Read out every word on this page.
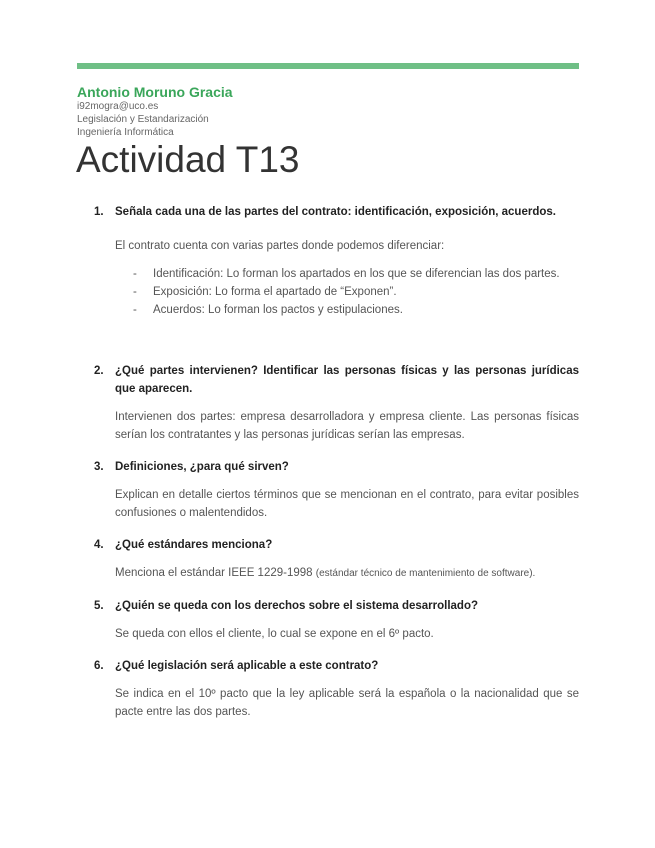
Antonio Moruno Gracia
i92mogra@uco.es
Legislación y Estandarización
Ingeniería Informática
Actividad T13
1. Señala cada una de las partes del contrato: identificación, exposición, acuerdos.
El contrato cuenta con varias partes donde podemos diferenciar:
-	Identificación: Lo forman los apartados en los que se diferencian las dos partes.
-	Exposición: Lo forma el apartado de “Exponen”.
-	Acuerdos: Lo forman los pactos y estipulaciones.
2. ¿Qué partes intervienen? Identificar las personas físicas y las personas jurídicas que aparecen.
Intervienen dos partes: empresa desarrolladora y empresa cliente. Las personas físicas serían los contratantes y las personas jurídicas serían las empresas.
3. Definiciones, ¿para qué sirven?
Explican en detalle ciertos términos que se mencionan en el contrato, para evitar posibles confusiones o malentendidos.
4. ¿Qué estándares menciona?
Menciona el estándar IEEE 1229-1998 (estándar técnico de mantenimiento de software).
5. ¿Quién se queda con los derechos sobre el sistema desarrollado?
Se queda con ellos el cliente, lo cual se expone en el 6º pacto.
6. ¿Qué legislación será aplicable a este contrato?
Se indica en el 10º pacto que la ley aplicable será la española o la nacionalidad que se pacte entre las dos partes.
